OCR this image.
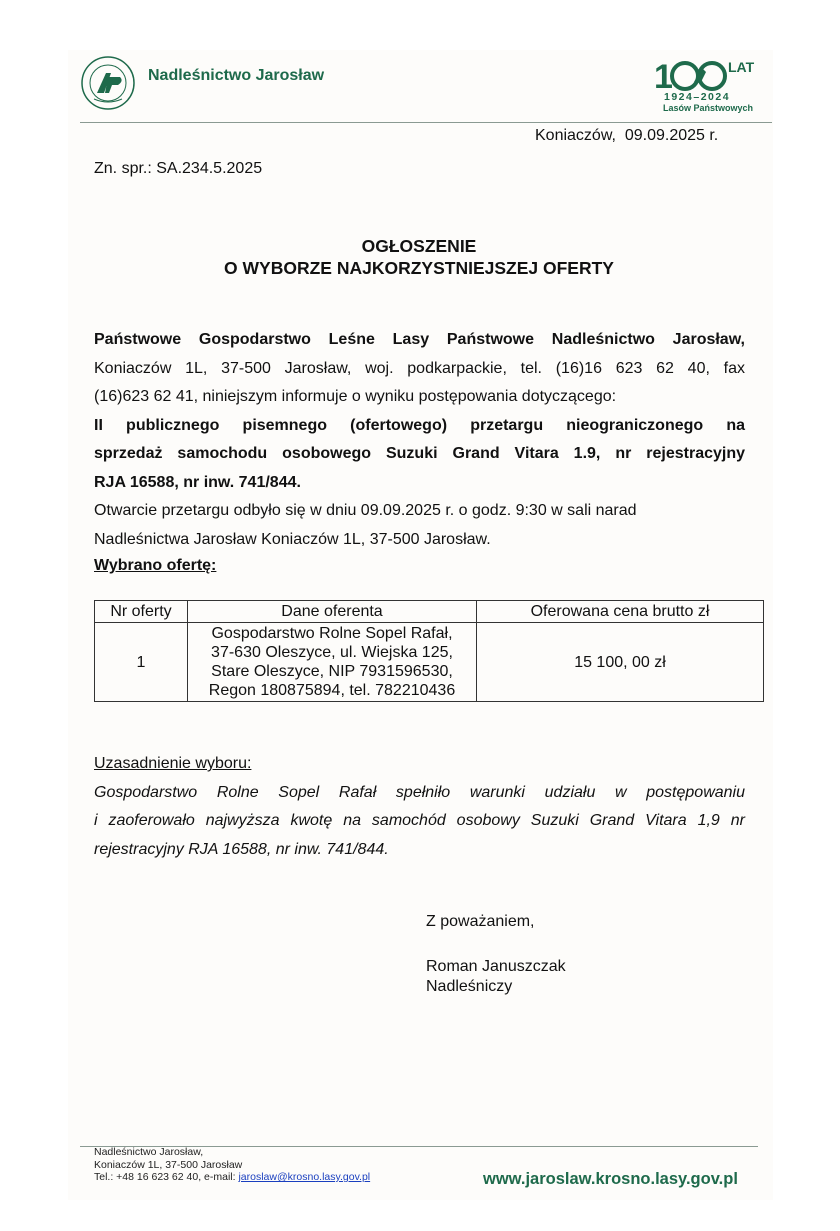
Nadleśnictwo Jarosław	1	LAT
1924–2024
Lasów Państwowych
Koniaczów,  09.09.2025 r.
Zn. spr.: SA.234.5.2025
OGŁOSZENIE
O WYBORZE NAJKORZYSTNIEJSZEJ OFERTY
Państwowe Gospodarstwo Leśne Lasy Państwowe Nadleśnictwo Jarosław,
Koniaczów 1L, 37-500 Jarosław, woj. podkarpackie, tel. (16)16 623 62 40, fax
(16)623 62 41, niniejszym informuje o wyniku postępowania dotyczącego:
II publicznego pisemnego (ofertowego) przetargu nieograniczonego na
sprzedaż samochodu osobowego Suzuki Grand Vitara 1.9, nr rejestracyjny
RJA 16588, nr inw. 741/844.
Otwarcie przetargu odbyło się w dniu 09.09.2025 r. o godz. 9:30 w sali narad
Nadleśnictwa Jarosław Koniaczów 1L, 37-500 Jarosław.
Wybrano ofertę:
Nr oferty	Dane oferenta	Oferowana cena brutto zł
1	Gospodarstwo Rolne Sopel Rafał,
37-630 Oleszyce, ul. Wiejska 125,
Stare Oleszyce, NIP 7931596530,
Regon 180875894, tel. 782210436	15 100, 00 zł
Uzasadnienie wyboru:
Gospodarstwo Rolne Sopel Rafał spełniło warunki udziału w postępowaniu
i zaoferowało najwyższa kwotę na samochód osobowy Suzuki Grand Vitara 1,9 nr
rejestracyjny RJA 16588, nr inw. 741/844.
Z poważaniem,
Roman Januszczak
Nadleśniczy
Nadleśnictwo Jarosław,
Koniaczów 1L, 37-500 Jarosław
Tel.: +48 16 623 62 40, e-mail: jaroslaw@krosno.lasy.gov.pl	www.jaroslaw.krosno.lasy.gov.pl
